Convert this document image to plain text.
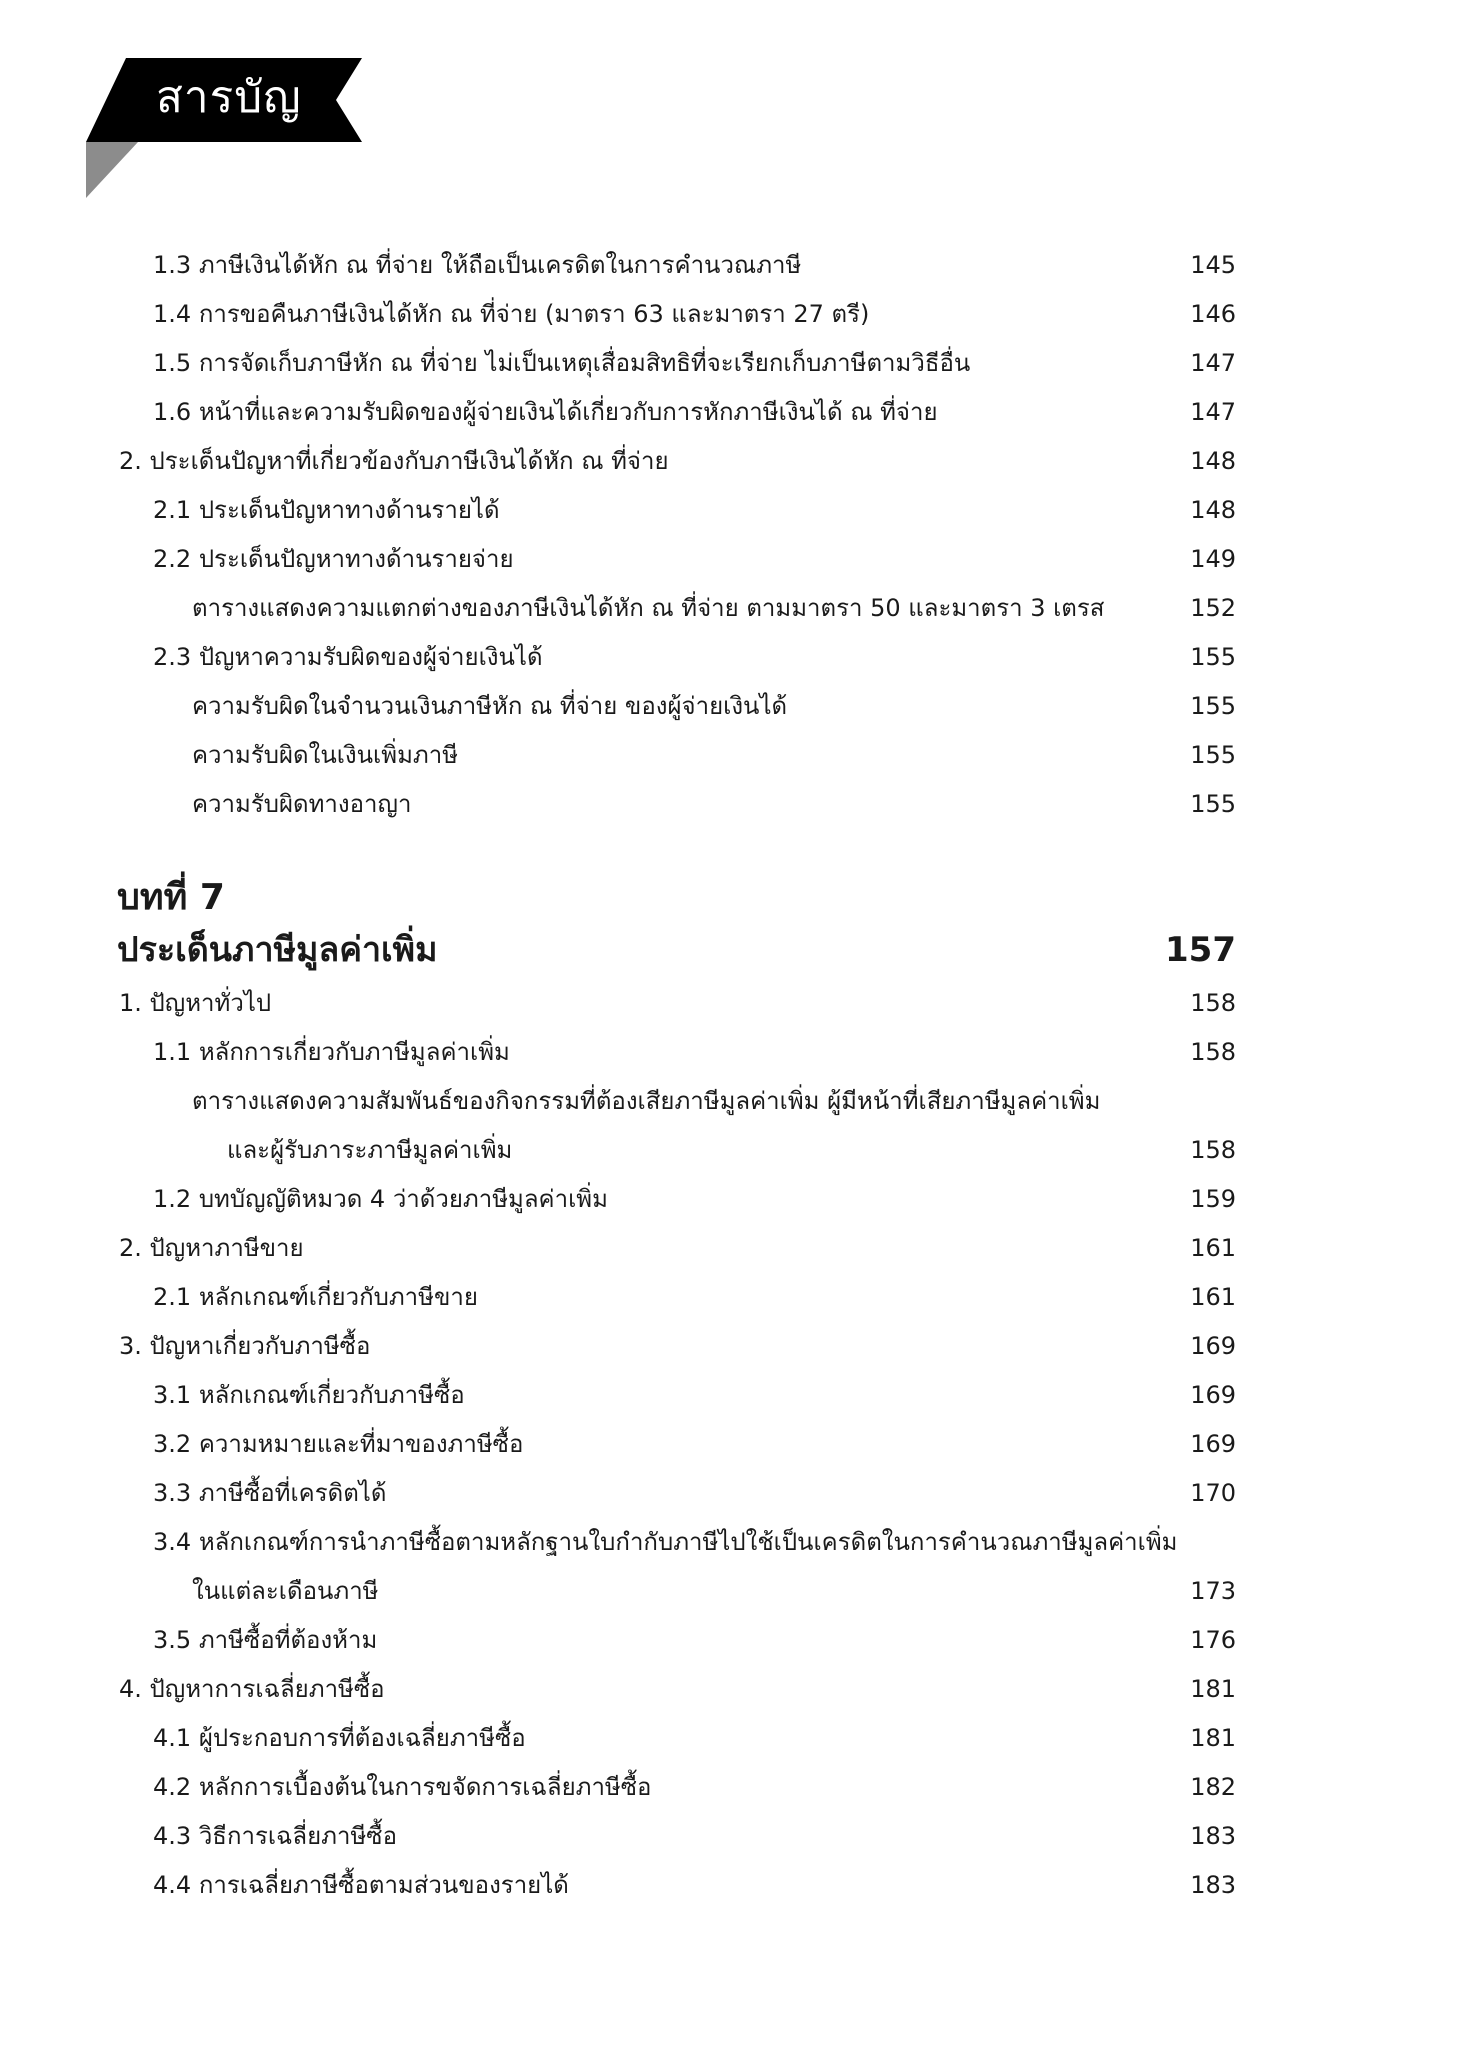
สารบัญ
1.3 ภาษีเงินได้หัก ณ ที่จ่าย ให้ถือเป็นเครดิตในการคำนวณภาษี	145
1.4 การขอคืนภาษีเงินได้หัก ณ ที่จ่าย (มาตรา 63 และมาตรา 27 ตรี)	146
1.5 การจัดเก็บภาษีหัก ณ ที่จ่าย ไม่เป็นเหตุเสื่อมสิทธิที่จะเรียกเก็บภาษีตามวิธีอื่น	147
1.6 หน้าที่และความรับผิดของผู้จ่ายเงินได้เกี่ยวกับการหักภาษีเงินได้ ณ ที่จ่าย	147
2. ประเด็นปัญหาที่เกี่ยวข้องกับภาษีเงินได้หัก ณ ที่จ่าย	148
2.1 ประเด็นปัญหาทางด้านรายได้	148
2.2 ประเด็นปัญหาทางด้านรายจ่าย	149
ตารางแสดงความแตกต่างของภาษีเงินได้หัก ณ ที่จ่าย ตามมาตรา 50 และมาตรา 3 เตรส	152
2.3 ปัญหาความรับผิดของผู้จ่ายเงินได้	155
ความรับผิดในจำนวนเงินภาษีหัก ณ ที่จ่าย ของผู้จ่ายเงินได้	155
ความรับผิดในเงินเพิ่มภาษี	155
ความรับผิดทางอาญา	155
บทที่ 7
ประเด็นภาษีมูลค่าเพิ่ม	157
1. ปัญหาทั่วไป	158
1.1 หลักการเกี่ยวกับภาษีมูลค่าเพิ่ม	158
ตารางแสดงความสัมพันธ์ของกิจกรรมที่ต้องเสียภาษีมูลค่าเพิ่ม ผู้มีหน้าที่เสียภาษีมูลค่าเพิ่ม
และผู้รับภาระภาษีมูลค่าเพิ่ม	158
1.2 บทบัญญัติหมวด 4 ว่าด้วยภาษีมูลค่าเพิ่ม	159
2. ปัญหาภาษีขาย	161
2.1 หลักเกณฑ์เกี่ยวกับภาษีขาย	161
3. ปัญหาเกี่ยวกับภาษีซื้อ	169
3.1 หลักเกณฑ์เกี่ยวกับภาษีซื้อ	169
3.2 ความหมายและที่มาของภาษีซื้อ	169
3.3 ภาษีซื้อที่เครดิตได้	170
3.4 หลักเกณฑ์การนำภาษีซื้อตามหลักฐานใบกำกับภาษีไปใช้เป็นเครดิตในการคำนวณภาษีมูลค่าเพิ่ม
ในแต่ละเดือนภาษี	173
3.5 ภาษีซื้อที่ต้องห้าม	176
4. ปัญหาการเฉลี่ยภาษีซื้อ	181
4.1 ผู้ประกอบการที่ต้องเฉลี่ยภาษีซื้อ	181
4.2 หลักการเบื้องต้นในการขจัดการเฉลี่ยภาษีซื้อ	182
4.3 วิธีการเฉลี่ยภาษีซื้อ	183
4.4 การเฉลี่ยภาษีซื้อตามส่วนของรายได้	183
